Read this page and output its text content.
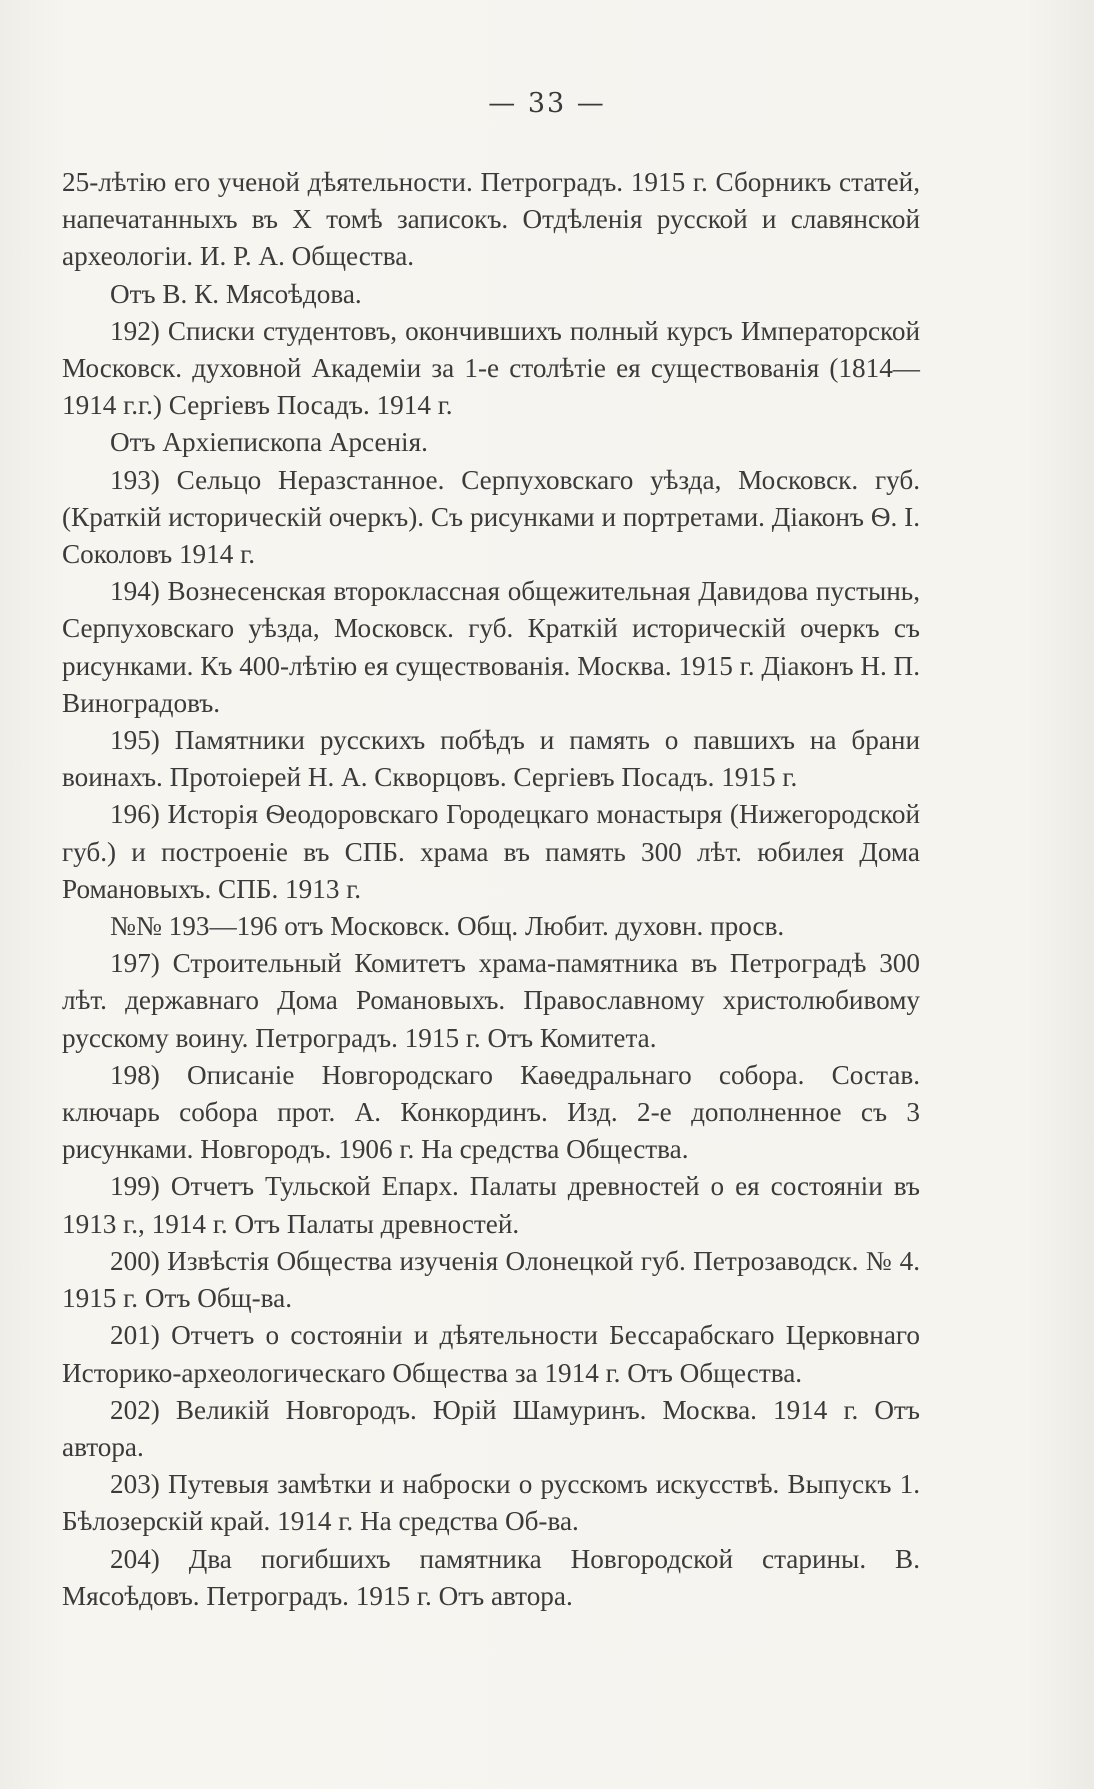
— 33 —

25-лѣтію его ученой дѣятельности. Петроградъ. 1915 г. Сборникъ статей, напечатанныхъ въ X томѣ записокъ. Отдѣленія русской и славянской археологіи. И. Р. А. Общества.

Отъ В. К. Мясоѣдова.

192) Списки студентовъ, окончившихъ полный курсъ Императорской Московск. духовной Академіи за 1-е столѣтіе ея существованія (1814—1914 г.г.) Сергіевъ Посадъ. 1914 г.

Отъ Архіепископа Арсенія.

193) Сельцо Неразстанное. Серпуховскаго уѣзда, Московск. губ. (Краткій историческій очеркъ). Съ рисунками и портретами. Діаконъ Ѳ. І. Соколовъ 1914 г.

194) Вознесенская второклассная общежительная Давидова пустынь, Серпуховскаго уѣзда, Московск. губ. Краткій историческій очеркъ съ рисунками. Къ 400-лѣтію ея существованія. Москва. 1915 г. Діаконъ Н. П. Виноградовъ.

195) Памятники русскихъ побѣдъ и память о павшихъ на брани воинахъ. Протоіерей Н. А. Скворцовъ. Сергіевъ Посадъ. 1915 г.

196) Исторія Ѳеодоровскаго Городецкаго монастыря (Нижегородской губ.) и построеніе въ СПБ. храма въ память 300 лѣт. юбилея Дома Романовыхъ. СПБ. 1913 г.

№№ 193—196 отъ Московск. Общ. Любит. духовн. просв.

197) Строительный Комитетъ храма-памятника въ Петроградѣ 300 лѣт. державнаго Дома Романовыхъ. Православному христолюбивому русскому воину. Петроградъ. 1915 г. Отъ Комитета.

198) Описаніе Новгородскаго Каѳедральнаго собора. Состав. ключарь собора прот. А. Конкординъ. Изд. 2-е дополненное съ 3 рисунками. Новгородъ. 1906 г. На средства Общества.

199) Отчетъ Тульской Епарх. Палаты древностей о ея состояніи въ 1913 г., 1914 г. Отъ Палаты древностей.

200) Извѣстія Общества изученія Олонецкой губ. Петрозаводск. № 4. 1915 г. Отъ Общ-ва.

201) Отчетъ о состояніи и дѣятельности Бессарабскаго Церковнаго Историко-археологическаго Общества за 1914 г. Отъ Общества.

202) Великій Новгородъ. Юрій Шамуринъ. Москва. 1914 г. Отъ автора.

203) Путевыя замѣтки и наброски о русскомъ искусствѣ. Выпускъ 1. Бѣлозерскій край. 1914 г. На средства Об-ва.

204) Два погибшихъ памятника Новгородской старины. В. Мясоѣдовъ. Петроградъ. 1915 г. Отъ автора.
